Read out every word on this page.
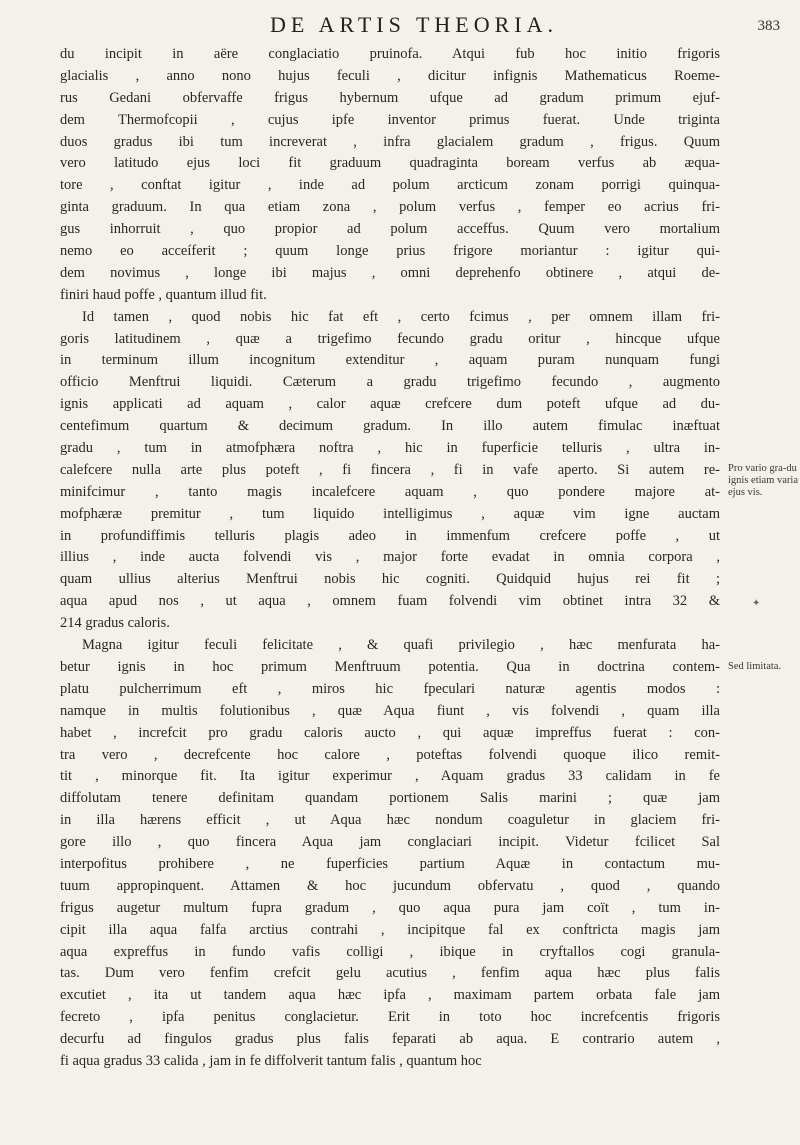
DE ARTIS THEORIA.	383
du incipit in aëre conglaciatio pruinofa. Atqui fub hoc initio frigoris
glacialis , anno nono hujus feculi , dicitur infignis Mathematicus Roeme-
rus Gedani obfervaffe frigus hybernum ufque ad gradum primum ejuf-
dem Thermofcopii , cujus ipfe inventor primus fuerat. Unde triginta
duos gradus ibi tum increverat , infra glacialem gradum , frigus. Quum
vero latitudo ejus loci fit graduum quadraginta boream verfus ab æqua-
tore , conftat igitur , inde ad polum arcticum zonam porrigi quinqua-
ginta graduum. In qua etiam zona , polum verfus , femper eo acrius fri-
gus inhorruit , quo propior ad polum acceffus. Quum vero mortalium
nemo eo acceíferit ; quum longe prius frigore moriantur : igitur qui-
dem novimus , longe ibi majus , omni deprehenfo obtinere , atqui de-
finiri haud poffe , quantum illud fit.
Id tamen , quod nobis hic fat eft , certo fcimus , per omnem illam fri-
goris latitudinem , quæ a trigefimo fecundo gradu oritur , hincque ufque
in terminum illum incognitum extenditur , aquam puram nunquam fungi
officio Menftrui liquidi. Cæterum a gradu trigefimo fecundo , augmento
ignis applicati ad aquam , calor aquæ crefcere dum poteft ufque ad du-
centefimum quartum & decimum gradum. In illo autem fimulac inæftuat
gradu , tum in atmofphæra noftra , hic in fuperficie telluris , ultra in-
calefcere nulla arte plus poteft , fi fincera , fi in vafe aperto. Si autem re-
minifcimur , tanto magis incalefcere aquam , quo pondere majore at-
mofphæræ premitur , tum liquido intelligimus , aquæ vim igne auctam
in profundiffimis telluris plagis adeo in immenfum crefcere poffe , ut
illius , inde aucta folvendi vis , major forte evadat in omnia corpora ,
quam ullius alterius Menftrui nobis hic cogniti. Quidquid hujus rei fit ;
aqua apud nos , ut aqua , omnem fuam folvendi vim obtinet intra 32 &
214 gradus caloris.
Magna igitur feculi felicitate , & quafi privilegio , hæc menfurata ha-
betur ignis in hoc primum Menftruum potentia. Qua in doctrina contem-
platu pulcherrimum eft , miros hic fpeculari naturæ agentis modos :
namque in multis folutionibus , quæ Aqua fiunt , vis folvendi , quam illa
habet , increfcit pro gradu caloris aucto , qui aquæ impreffus fuerat : con-
tra vero , decrefcente hoc calore , poteftas folvendi quoque ilico remit-
tit , minorque fit. Ita igitur experimur , Aquam gradus 33 calidam in fe
diffolutam tenere definitam quandam portionem Salis marini ; quæ jam
in illa hærens efficit , ut Aqua hæc nondum coaguletur in glaciem fri-
gore illo , quo fincera Aqua jam conglaciari incipit. Videtur fcilicet Sal
interpofitus prohibere , ne fuperficies partium Aquæ in contactum mu-
tuum appropinquent. Attamen & hoc jucundum obfervatu , quod , quando
frigus augetur multum fupra gradum , quo aqua pura jam coït , tum in-
cipit illa aqua falfa arctius contrahi , incipitque fal ex conftricta magis jam
aqua expreffus in fundo vafis colligi , ibique in cryftallos cogi granula-
tas. Dum vero fenfim crefcit gelu acutius , fenfim aqua hæc plus falis
excutiet , ita ut tandem aqua hæc ipfa , maximam partem orbata fale jam
fecreto , ipfa penitus conglacietur. Erit in toto hoc increfcentis frigoris
decurfu ad fingulos gradus plus falis feparati ab aqua. E contrario autem ,
fi aqua gradus 33 calida , jam in fe diffolverit tantum falis , quantum hoc
Pro vario gra-du ignis etiam varia ejus vis.
✦
Sed limitata.
